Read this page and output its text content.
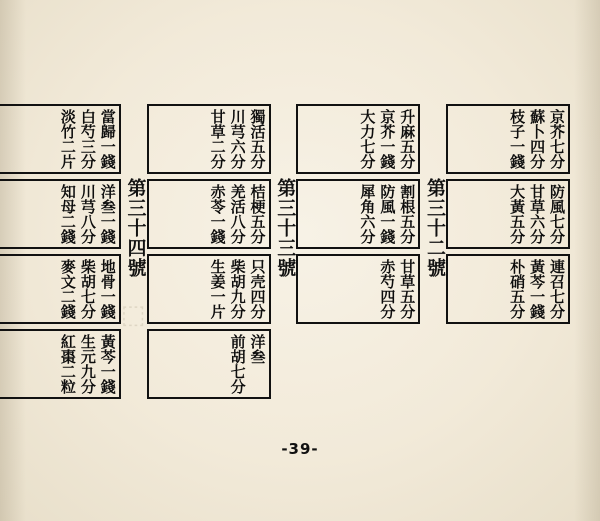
⬚
第三十二號
京芥七分
蘇卜四分
枝子一錢
防風七分
甘草六分
大黃五分
連召七分
黃芩一錢
朴硝五分
第三十三號
升麻五分
京芥一錢
大力七分
割根五分
防風一錢
犀角六分
甘草五分
赤芍四分
第三十四號
獨活五分
川芎六分
甘草二分
桔梗五分
羌活八分
赤苓一錢
只壳四分
柴胡九分
生姜一片
洋叁
前胡七分
當歸一錢
白芍三分
淡竹二片
洋叁一錢
川芎八分
知母二錢
地骨一錢
柴胡七分
麥文二錢
黃芩一錢
生元九分
紅棗二粒
-39-
